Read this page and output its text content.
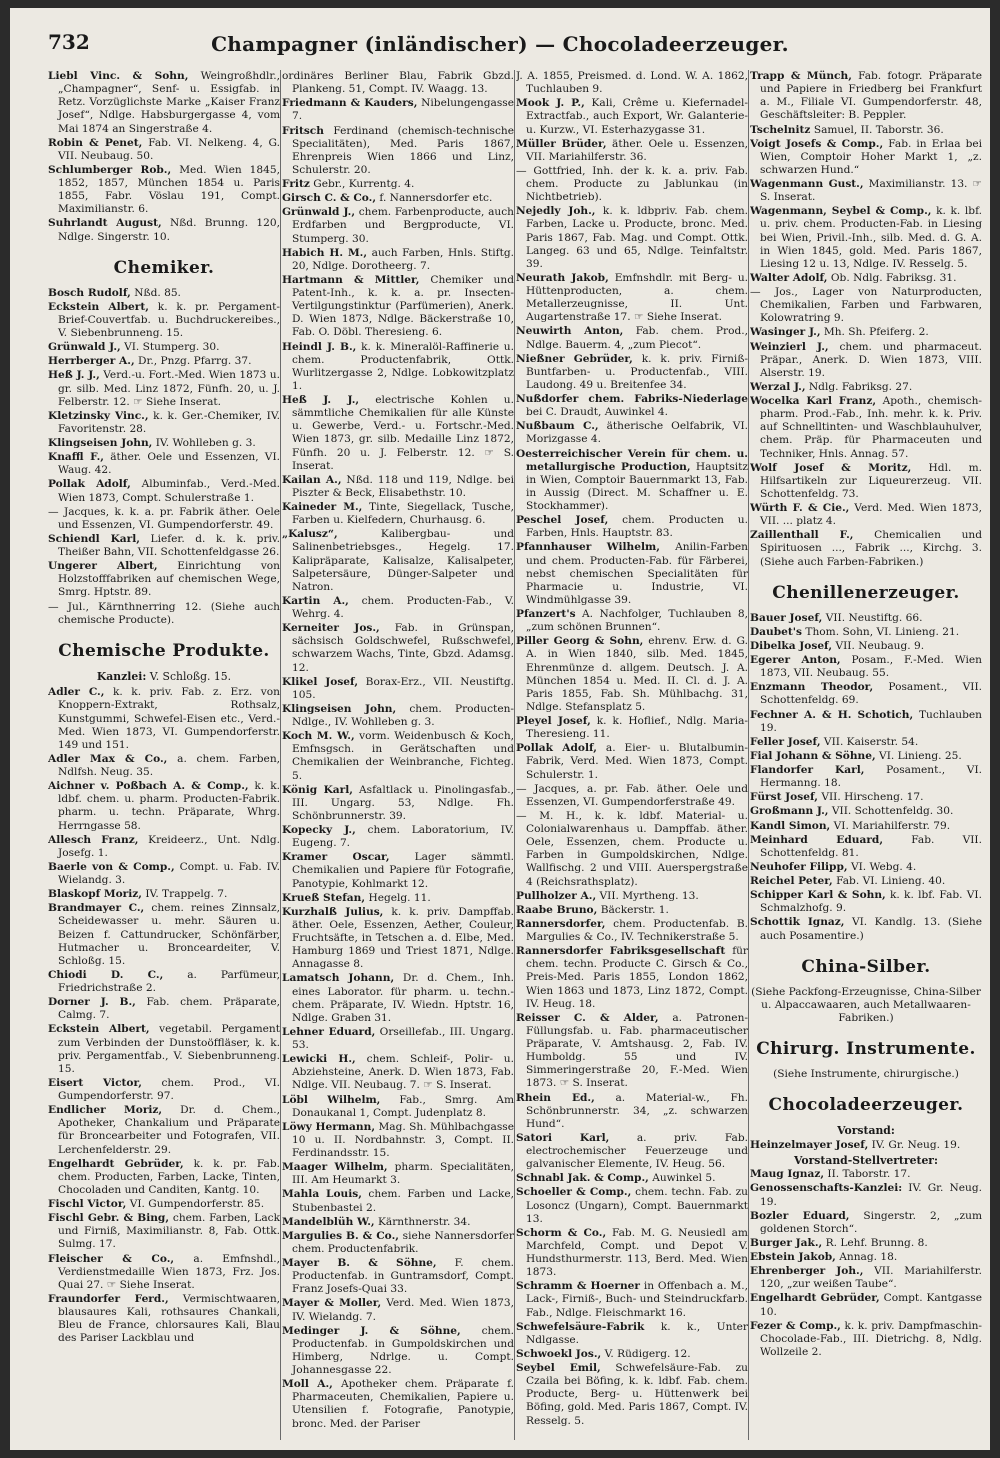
732	Champagner (inländischer) — Chocoladeerzeuger.
Liebl Vinc. & Sohn, Weingroßhdlr., „Champagner“, Senf- u. Essigfab. in Retz. Vorzüglichste Marke „Kaiser Franz Josef“, Ndlge. Habsburgergasse 4, vom Mai 1874 an Singerstraße 4.
Robin & Penet, Fab. VI. Nelkeng. 4, G. VII. Neubaug. 50.
Schlumberger Rob., Med. Wien 1845, 1852, 1857, München 1854 u. Paris 1855, Fabr. Vöslau 191, Compt. Maximilianstr. 6.
Suhrlandt August, Nßd. Brunng. 120, Ndlge. Singerstr. 10.
Chemiker.
Bosch Rudolf, Nßd. 85.
Eckstein Albert, k. k. pr. Pergament-Brief-Couvertfab. u. Buchdruckereibes., V. Siebenbrunneng. 15.
Grünwald J., VI. Stumperg. 30.
Herrberger A., Dr., Pnzg. Pfarrg. 37.
Heß J. J., Verd.-u. Fort.-Med. Wien 1873 u. gr. silb. Med. Linz 1872, Fünfh. 20, u. J. Felberstr. 12. ☞ Siehe Inserat.
Kletzinsky Vinc., k. k. Ger.-Chemiker, IV. Favoritenstr. 28.
Klingseisen John, IV. Wohlleben g. 3.
Knaffl F., äther. Oele und Essenzen, VI. Waug. 42.
Pollak Adolf, Albuminfab., Verd.-Med. Wien 1873, Compt. Schulerstraße 1.
— Jacques, k. k. a. pr. Fabrik äther. Oele und Essenzen, VI. Gumpendorferstr. 49.
Schiendl Karl, Liefer. d. k. k. priv. Theißer Bahn, VII. Schottenfeldgasse 26.
Ungerer Albert, Einrichtung von Holzstofffabriken auf chemischen Wege, Smrg. Hptstr. 89.
— Jul., Kärnthnerring 12. (Siehe auch chemische Producte).
Chemische Produkte.
Kanzlei: V. Schloßg. 15.
Adler C., k. k. priv. Fab. z. Erz. von Knoppern-Extrakt, Rothsalz, Kunstgummi, Schwefel-Eisen etc., Verd.-Med. Wien 1873, VI. Gumpendorferstr. 149 und 151.
Adler Max & Co., a. chem. Farben, Ndlfsh. Neug. 35.
Aichner v. Poßbach A. & Comp., k. k. ldbf. chem. u. pharm. Producten-Fabrik. pharm. u. techn. Präparate, Whrg. Herrngasse 58.
Allesch Franz, Kreideerz., Unt. Ndlg. Josefg. 1.
Baerle von & Comp., Compt. u. Fab. IV. Wielandg. 3.
Blaskopf Moriz, IV. Trappelg. 7.
Brandmayer C., chem. reines Zinnsalz, Scheidewasser u. mehr. Säuren u. Beizen f. Cattundrucker, Schönfärber, Hutmacher u. Bronceardeiter, V. Schloßg. 15.
Chiodi D. C., a. Parfümeur, Friedrichstraße 2.
Dorner J. B., Fab. chem. Präparate, Calmg. 7.
Eckstein Albert, vegetabil. Pergament zum Verbinden der Dunstoöffläser, k. k. priv. Pergamentfab., V. Siebenbrunneng. 15.
Eisert Victor, chem. Prod., VI. Gumpendorferstr. 97.
Endlicher Moriz, Dr. d. Chem., Apotheker, Chankalium und Präparate für Broncearbeiter und Fotografen, VII. Lerchenfelderstr. 29.
Engelhardt Gebrüder, k. k. pr. Fab. chem. Producten, Farben, Lacke, Tinten, Chocoladen und Canditen, Kantg. 10.
Fischl Victor, VI. Gumpendorferstr. 85.
Fischl Gebr. & Bing, chem. Farben, Lack und Firniß, Maximilianstr. 8, Fab. Ottk. Sulmg. 17.
Fleischer & Co., a. Emfnshdl., Verdienstmedaille Wien 1873, Frz. Jos. Quai 27. ☞ Siehe Inserat.
Fraundorfer Ferd., Vermischtwaaren, blausaures Kali, rothsaures Chankali, Bleu de France, chlorsaures Kali, Blau des Pariser Lackblau und
ordinäres Berliner Blau, Fabrik Gbzd. Plankeng. 51, Compt. IV. Waagg. 13.
Friedmann & Kauders, Nibelungengasse 7.
Fritsch Ferdinand (chemisch-technische Specialitäten), Med. Paris 1867, Ehrenpreis Wien 1866 und Linz, Schulerstr. 20.
Fritz Gebr., Kurrentg. 4.
Girsch C. & Co., f. Nannersdorfer etc.
Grünwald J., chem. Farbenproducte, auch Erdfarben und Bergproducte, VI. Stumperg. 30.
Habich H. M., auch Farben, Hnls. Stiftg. 20, Ndlge. Dorotheerg. 7.
Hartmann & Mittler, Chemiker und Patent-Inh., k. k. a. pr. Insecten-Vertilgungstinktur (Parfümerien), Anerk. D. Wien 1873, Ndlge. Bäckerstraße 10, Fab. O. Döbl. Theresieng. 6.
Heindl J. B., k. k. Mineralöl-Raffinerie u. chem. Productenfabrik, Ottk. Wurlitzergasse 2, Ndlge. Lobkowitzplatz 1.
Heß J. J., electrische Kohlen u. sämmtliche Chemikalien für alle Künste u. Gewerbe, Verd.- u. Fortschr.-Med. Wien 1873, gr. silb. Medaille Linz 1872, Fünfh. 20 u. J. Felberstr. 12. ☞ S. Inserat.
Kailan A., Nßd. 118 und 119, Ndlge. bei Piszter & Beck, Elisabethstr. 10.
Kaineder M., Tinte, Siegellack, Tusche, Farben u. Kielfedern, Churhausg. 6.
„Kalusz“,	Kalibergbau- und Salinenbetriebsges., Hegelg. 17. Kalipräparate, Kalisalze, Kalisalpeter, Salpetersäure, Dünger-Salpeter und Natron.
Kartin A., chem. Producten-Fab., V. Wehrg. 4.
Kerneiter Jos., Fab. in Grünspan, sächsisch Goldschwefel, Rußschwefel, schwarzem Wachs, Tinte, Gbzd. Adamsg. 12.
Klikel Josef, Borax-Erz., VII. Neustiftg. 105.
Klingseisen John, chem. Producten-Ndlge., IV. Wohlleben g. 3.
Koch M. W., vorm. Weidenbusch & Koch, Emfnsgsch. in Gerätschaften und Chemikalien der Weinbranche, Fichteg. 5.
König Karl, Asfaltlack u. Pinolingasfab., III. Ungarg. 53, Ndlge. Fh. Schönbrunnerstr. 39.
Kopecky J., chem. Laboratorium, IV. Eugeng. 7.
Kramer Oscar, Lager sämmtl. Chemikalien und Papiere für Fotografie, Panotypie, Kohlmarkt 12.
Krueß Stefan, Hegelg. 11.
Kurzhalß Julius, k. k. priv. Dampffab. äther. Oele, Essenzen, Aether, Couleur, Fruchtsäfte, in Tetschen a. d. Elbe, Med. Hamburg 1869 und Triest 1871, Ndlge. Annagasse 8.
Lamatsch Johann, Dr. d. Chem., Inh. eines Laborator. für pharm. u. techn.-chem. Präparate, IV. Wiedn. Hptstr. 16, Ndlge. Graben 31.
Lehner Eduard, Orseillefab., III. Ungarg. 53.
Lewicki H., chem. Schleif-, Polir- u. Abziehsteine, Anerk. D. Wien 1873, Fab. Ndlge. VII. Neubaug. 7. ☞ S. Inserat.
Löbl Wilhelm, Fab., Smrg. Am Donaukanal 1, Compt. Judenplatz 8.
Löwy Hermann, Mag. Sh. Mühlbachgasse 10 u. II. Nordbahnstr. 3, Compt. II. Ferdinandsstr. 15.
Maager Wilhelm, pharm. Specialitäten, III. Am Heumarkt 3.
Mahla Louis, chem. Farben und Lacke, Stubenbastei 2.
Mandelblüh W., Kärnthnerstr. 34.
Margulies B. & Co., siehe Nannersdorfer chem. Productenfabrik.
Mayer B. & Söhne, F. chem. Productenfab. in Guntramsdorf, Compt. Franz Josefs-Quai 33.
Mayer & Moller, Verd. Med. Wien 1873, IV. Wielandg. 7.
Medinger J. & Söhne, chem. Productenfab. in Gumpoldskirchen und Himberg, Ndrlge. u. Compt. Johannesgasse 22.
Moll A., Apotheker chem. Präparate f. Pharmaceuten, Chemikalien, Papiere u. Utensilien f. Fotografie, Panotypie, bronc. Med. der Pariser
J. A. 1855, Preismed. d. Lond. W. A. 1862, Tuchlauben 9.
Mook J. P., Kali, Crême u. Kiefernadel-Extractfab., auch Export, Wr. Galanterie- u. Kurzw., VI. Esterhazygasse 31.
Müller Brüder, äther. Oele u. Essenzen, VII. Mariahilferstr. 36.
— Gottfried, Inh. der k. k. a. priv. Fab. chem. Producte zu Jablunkau (in Nichtbetrieb).
Nejedly Joh., k. k. ldbpriv. Fab. chem. Farben, Lacke u. Producte, bronc. Med. Paris 1867, Fab. Mag. und Compt. Ottk. Langeg. 63 und 65, Ndlge. Teinfaltstr. 39.
Neurath Jakob, Emfnshdlr. mit Berg- u. Hüttenproducten, a. chem. Metallerzeugnisse, II. Unt. Augartenstraße 17. ☞ Siehe Inserat.
Neuwirth Anton, Fab. chem. Prod., Ndlge. Bauerm. 4, „zum Piecot“.
Nießner Gebrüder, k. k. priv. Firniß-Buntfarben- u. Productenfab., VIII. Laudong. 49 u. Breitenfee 34.
Nußdorfer chem. Fabriks-Niederlage bei C. Draudt, Auwinkel 4.
Nußbaum C., ätherische Oelfabrik, VI. Morizgasse 4.
Oesterreichischer Verein für chem. u. metallurgische Production, Hauptsitz in Wien, Comptoir Bauernmarkt 13, Fab. in Aussig (Direct. M. Schaffner u. E. Stockhammer).
Peschel Josef, chem. Producten u. Farben, Hnls. Hauptstr. 83.
Pfannhauser Wilhelm, Anilin-Farben und chem. Producten-Fab. für Färberei, nebst chemischen Specialitäten für Pharmacie u. Industrie, VI. Windmühlgasse 39.
Pfanzert's A. Nachfolger, Tuchlauben 8, „zum schönen Brunnen“.
Piller Georg & Sohn, ehrenv. Erw. d. G. A. in Wien 1840, silb. Med. 1845, Ehrenmünze d. allgem. Deutsch. J. A. München 1854 u. Med. II. Cl. d. J. A. Paris 1855, Fab. Sh. Mühlbachg. 31, Ndlge. Stefansplatz 5.
Pleyel Josef, k. k. Hoflief., Ndlg. Maria-Theresieng. 11.
Pollak Adolf, a. Eier- u. Blutalbumin-Fabrik, Verd. Med. Wien 1873, Compt. Schulerstr. 1.
— Jacques, a. pr. Fab. äther. Oele und Essenzen, VI. Gumpendorferstraße 49.
— M. H., k. k. ldbf. Material- u. Colonialwarenhaus u. Dampffab. äther. Oele, Essenzen, chem. Producte u. Farben in Gumpoldskirchen, Ndlge. Wallfischg. 2 und VIII. Auerspergstraße 4 (Reichsrathsplatz).
Pullholzer A., VII. Myrtheng. 13.
Raabe Bruno, Bäckerstr. 1.
Rannersdorfer, chem. Productenfab. B. Margulies & Co., IV. Technikerstraße 5.
Rannersdorfer Fabriksgesellschaft für chem. techn. Producte C. Girsch & Co., Preis-Med. Paris 1855, London 1862, Wien 1863 und 1873, Linz 1872, Compt. IV. Heug. 18.
Reisser C. & Alder, a. Patronen-Füllungsfab. u. Fab. pharmaceutischer Präparate, V. Amtshausg. 2, Fab. IV. Humboldg. 55 und IV. Simmeringerstraße 20, F.-Med. Wien 1873. ☞ S. Inserat.
Rhein Ed., a. Material-w., Fh. Schönbrunnerstr. 34, „z. schwarzen Hund“.
Satori Karl,	a. priv. Fab. electrochemischer Feuerzeuge und galvanischer Elemente, IV. Heug. 56.
Schnabl Jak. & Comp., Auwinkel 5.
Schoeller & Comp., chem. techn. Fab. zu Losoncz (Ungarn), Compt. Bauernmarkt 13.
Schorm & Co., Fab. M. G. Neusiedl am Marchfeld, Compt. und Depot V. Hundsthurmerstr. 113, Berd. Med. Wien 1873.
Schramm & Hoerner in Offenbach a. M., Lack-, Firniß-, Buch- und Steindruckfarb. Fab., Ndlge. Fleischmarkt 16.
Schwefelsäure-Fabrik k. k., Unter Ndlgasse.
Schwoekl Jos., V. Rüdigerg. 12.
Seybel Emil, Schwefelsäure-Fab. zu Czaila bei Böfing, k. k. ldbf. Fab. chem. Producte, Berg- u. Hüttenwerk bei Böfing, gold. Med. Paris 1867, Compt. IV. Resselg. 5.
Trapp & Münch, Fab. fotogr. Präparate und Papiere in Friedberg bei Frankfurt a. M., Filiale VI. Gumpendorferstr. 48, Geschäftsleiter: B. Peppler.
Tschelnitz Samuel, II. Taborstr. 36.
Voigt Josefs & Comp., Fab. in Erlaa bei Wien, Comptoir Hoher Markt 1, „z. schwarzen Hund.“
Wagenmann Gust., Maximilianstr. 13. ☞ S. Inserat.
Wagenmann, Seybel & Comp., k. k. lbf. u. priv. chem. Producten-Fab. in Liesing bei Wien, Privil.-Inh., silb. Med. d. G. A. in Wien 1845, gold. Med. Paris 1867, Liesing 12 u. 13, Ndlge. IV. Resselg. 5.
Walter Adolf, Ob. Ndlg. Fabriksg. 31.
— Jos., Lager von Naturproducten, Chemikalien, Farben und Farbwaren, Kolowratring 9.
Wasinger J., Mh. Sh. Pfeiferg. 2.
Weinzierl J., chem. und pharmaceut. Präpar., Anerk. D. Wien 1873, VIII. Alserstr. 19.
Werzal J., Ndlg. Fabriksg. 27.
Wocelka Karl Franz, Apoth., chemisch-pharm. Prod.-Fab., Inh. mehr. k. k. Priv. auf Schnelltinten- und Waschblauhulver, chem. Präp. für Pharmaceuten und Techniker, Hnls. Annag. 57.
Wolf Josef & Moritz, Hdl. m. Hilfsartikeln zur Liqueurerzeug. VII. Schottenfeldg. 73.
Würth F. & Cie., Verd. Med. Wien 1873, VII. ... platz 4.
Zaillenthall F., Chemicalien und Spirituosen ..., Fabrik ..., Kirchg. 3. (Siehe auch Farben-Fabriken.)
Chenillenerzeuger.
Bauer Josef, VII. Neustiftg. 66.
Daubet's Thom. Sohn, VI. Linieng. 21.
Dibelka Josef, VII. Neubaug. 9.
Egerer Anton, Posam., F.-Med. Wien 1873, VII. Neubaug. 55.
Enzmann Theodor, Posament., VII. Schottenfeldg. 69.
Fechner A. & H. Schotich, Tuchlauben 19.
Feller Josef, VII. Kaiserstr. 54.
Fial Johann & Söhne, VI. Linieng. 25.
Flandorfer Karl, Posament., VI. Hermanng. 18.
Fürst Josef, VII. Hirscheng. 17.
Großmann J., VII. Schottenfeldg. 30.
Kandl Simon, VI. Mariahilferstr. 79.
Meinhard Eduard,	Fab. VII. Schottenfeldg. 81.
Neuhofer Filipp, VI. Webg. 4.
Reichel Peter, Fab. VI. Linieng. 40.
Schipper Karl & Sohn, k. k. lbf. Fab. VI. Schmalzhofg. 9.
Schottik Ignaz, VI. Kandlg. 13. (Siehe auch Posamentire.)
China-Silber.
(Siehe Packfong-Erzeugnisse, China-Silber u. Alpaccawaaren, auch Metallwaaren-Fabriken.)
Chirurg. Instrumente.
(Siehe Instrumente, chirurgische.)
Chocoladeerzeuger.
Vorstand:
Heinzelmayer Josef, IV. Gr. Neug. 19.
Vorstand-Stellvertreter:
Maug Ignaz, II. Taborstr. 17.
Genossenschafts-Kanzlei: IV. Gr. Neug. 19.
Bozler Eduard, Singerstr. 2, „zum goldenen Storch“.
Burger Jak., R. Lehf. Brunng. 8.
Ebstein Jakob, Annag. 18.
Ehrenberger Joh., VII. Mariahilferstr. 120, „zur weißen Taube“.
Engelhardt Gebrüder, Compt. Kantgasse 10.
Fezer & Comp., k. k. priv. Dampfmaschin-Chocolade-Fab., III. Dietrichg. 8, Ndlg. Wollzeile 2.
